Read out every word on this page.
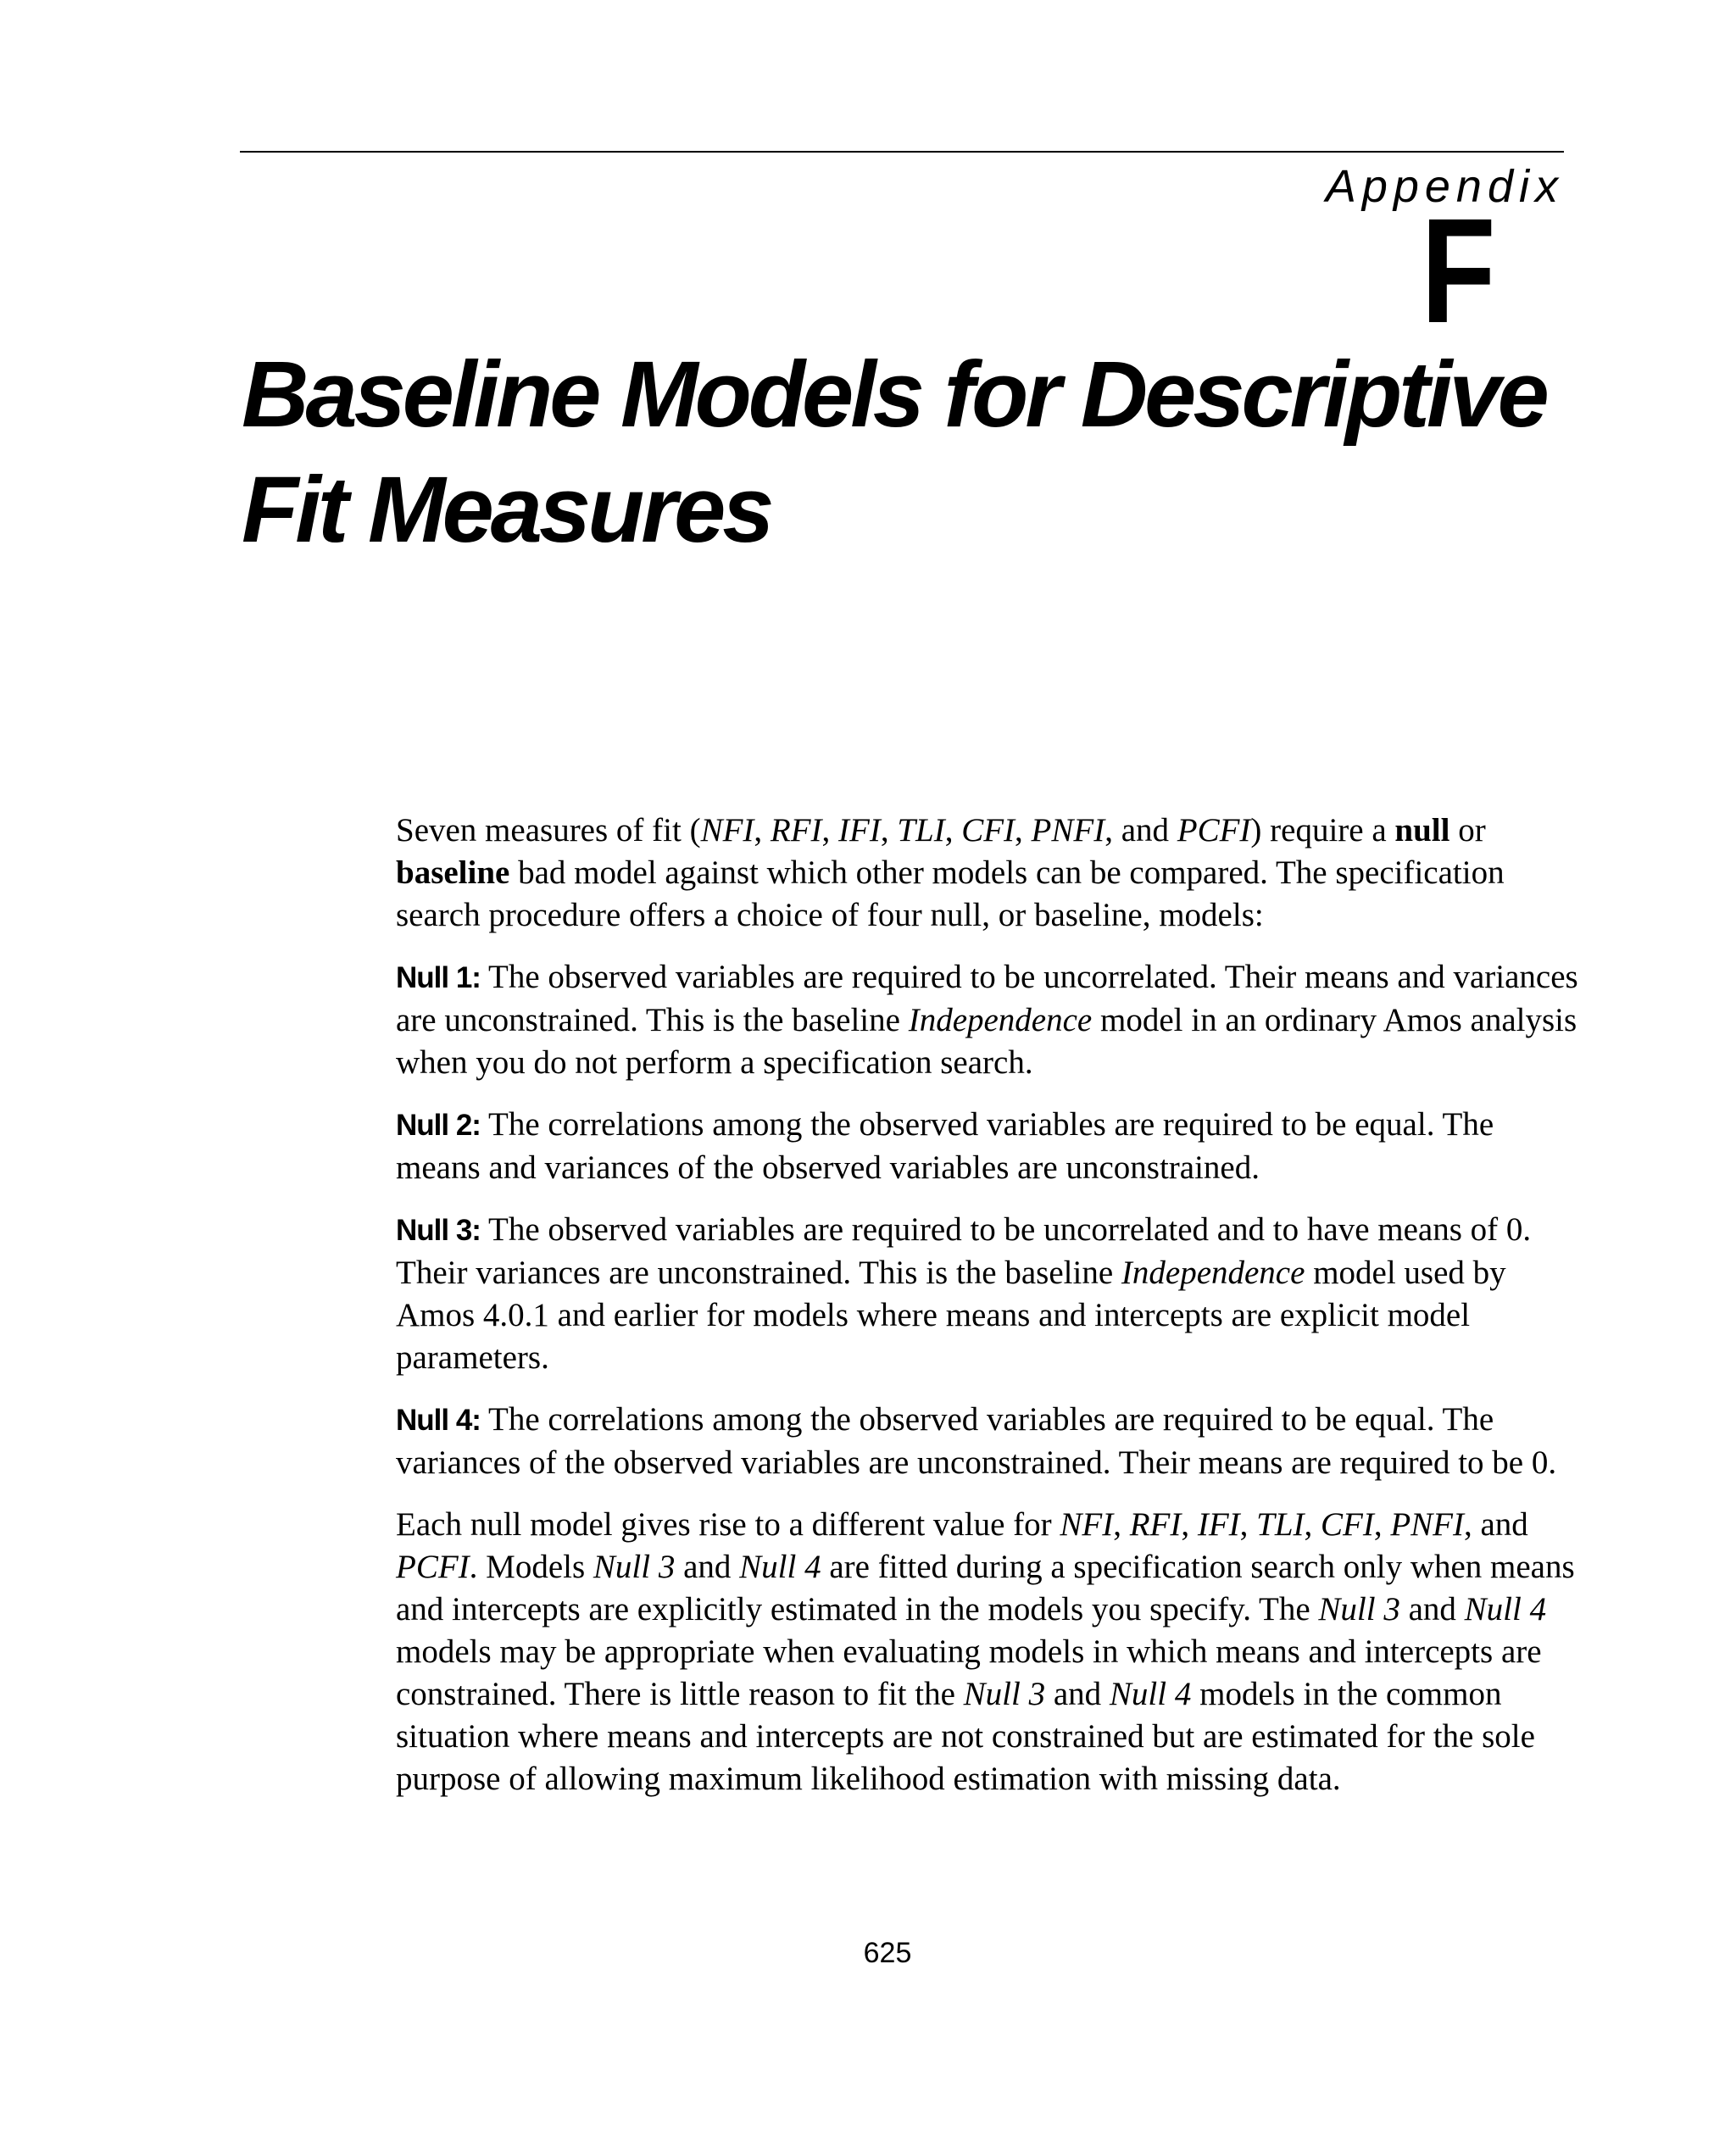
Appendix
F
Baseline Models for Descriptive Fit Measures

Seven measures of fit (NFI, RFI, IFI, TLI, CFI, PNFI, and PCFI) require a null or baseline bad model against which other models can be compared. The specification search procedure offers a choice of four null, or baseline, models:

Null 1: The observed variables are required to be uncorrelated. Their means and variances are unconstrained. This is the baseline Independence model in an ordinary Amos analysis when you do not perform a specification search.

Null 2: The correlations among the observed variables are required to be equal. The means and variances of the observed variables are unconstrained.

Null 3: The observed variables are required to be uncorrelated and to have means of 0. Their variances are unconstrained. This is the baseline Independence model used by Amos 4.0.1 and earlier for models where means and intercepts are explicit model parameters.

Null 4: The correlations among the observed variables are required to be equal. The variances of the observed variables are unconstrained. Their means are required to be 0.

Each null model gives rise to a different value for NFI, RFI, IFI, TLI, CFI, PNFI, and PCFI. Models Null 3 and Null 4 are fitted during a specification search only when means and intercepts are explicitly estimated in the models you specify. The Null 3 and Null 4 models may be appropriate when evaluating models in which means and intercepts are constrained. There is little reason to fit the Null 3 and Null 4 models in the common situation where means and intercepts are not constrained but are estimated for the sole purpose of allowing maximum likelihood estimation with missing data.

625
